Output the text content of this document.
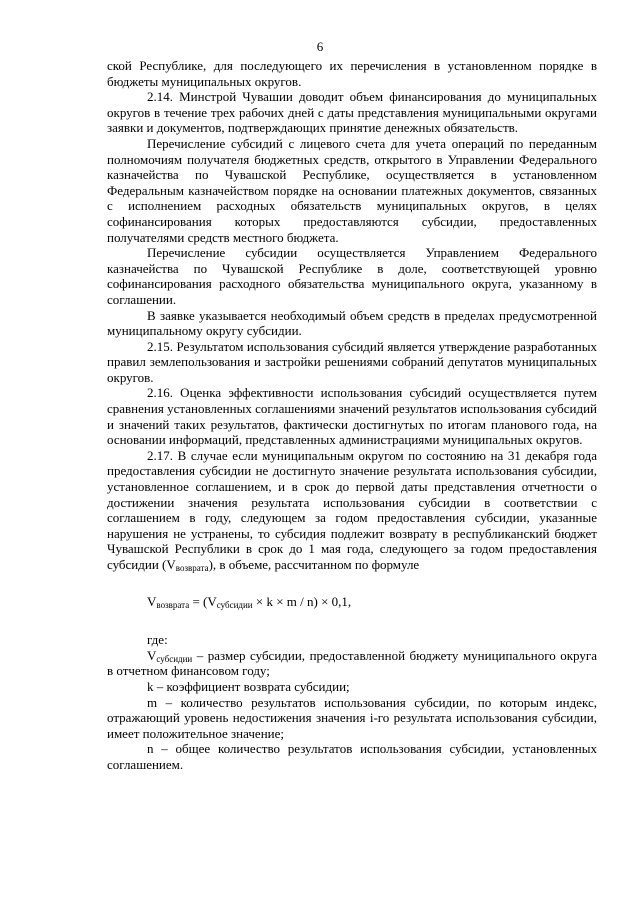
6

ской Республике, для последующего их перечисления в установленном порядке в бюджеты муниципальных округов.

2.14. Минстрой Чувашии доводит объем финансирования до муниципальных округов в течение трех рабочих дней с даты представления муниципальными округами заявки и документов, подтверждающих принятие денежных обязательств.

Перечисление субсидий с лицевого счета для учета операций по переданным полномочиям получателя бюджетных средств, открытого в Управлении Федерального казначейства по Чувашской Республике, осуществляется в установленном Федеральным казначейством порядке на основании платежных документов, связанных с исполнением расходных обязательств муниципальных округов, в целях софинансирования которых предоставляются субсидии, предоставленных получателями средств местного бюджета.

Перечисление субсидии осуществляется Управлением Федерального казначейства по Чувашской Республике в доле, соответствующей уровню софинансирования расходного обязательства муниципального округа, указанному в соглашении.

В заявке указывается необходимый объем средств в пределах предусмотренной муниципальному округу субсидии.

2.15. Результатом использования субсидий является утверждение разработанных правил землепользования и застройки решениями собраний депутатов муниципальных округов.

2.16. Оценка эффективности использования субсидий осуществляется путем сравнения установленных соглашениями значений результатов использования субсидий и значений таких результатов, фактически достигнутых по итогам планового года, на основании информаций, представленных администрациями муниципальных округов.

2.17. В случае если муниципальным округом по состоянию на 31 декабря года предоставления субсидии не достигнуто значение результата использования субсидии, установленное соглашением, и в срок до первой даты представления отчетности о достижении значения результата использования субсидии в соответствии с соглашением в году, следующем за годом предоставления субсидии, указанные нарушения не устранены, то субсидия подлежит возврату в республиканский бюджет Чувашской Республики в срок до 1 мая года, следующего за годом предоставления субсидии $(V_{возврата})$, в объеме, рассчитанном по формуле

$V_{возврата} = (V_{субсидии} \times k \times m / n) \times 0,1$,

где:

$V_{субсидии}$ – размер субсидии, предоставленной бюджету муниципального округа в отчетном финансовом году;

k – коэффициент возврата субсидии;

m – количество результатов использования субсидии, по которым индекс, отражающий уровень недостижения значения i-го результата использования субсидии, имеет положительное значение;

n – общее количество результатов использования субсидии, установленных соглашением.
